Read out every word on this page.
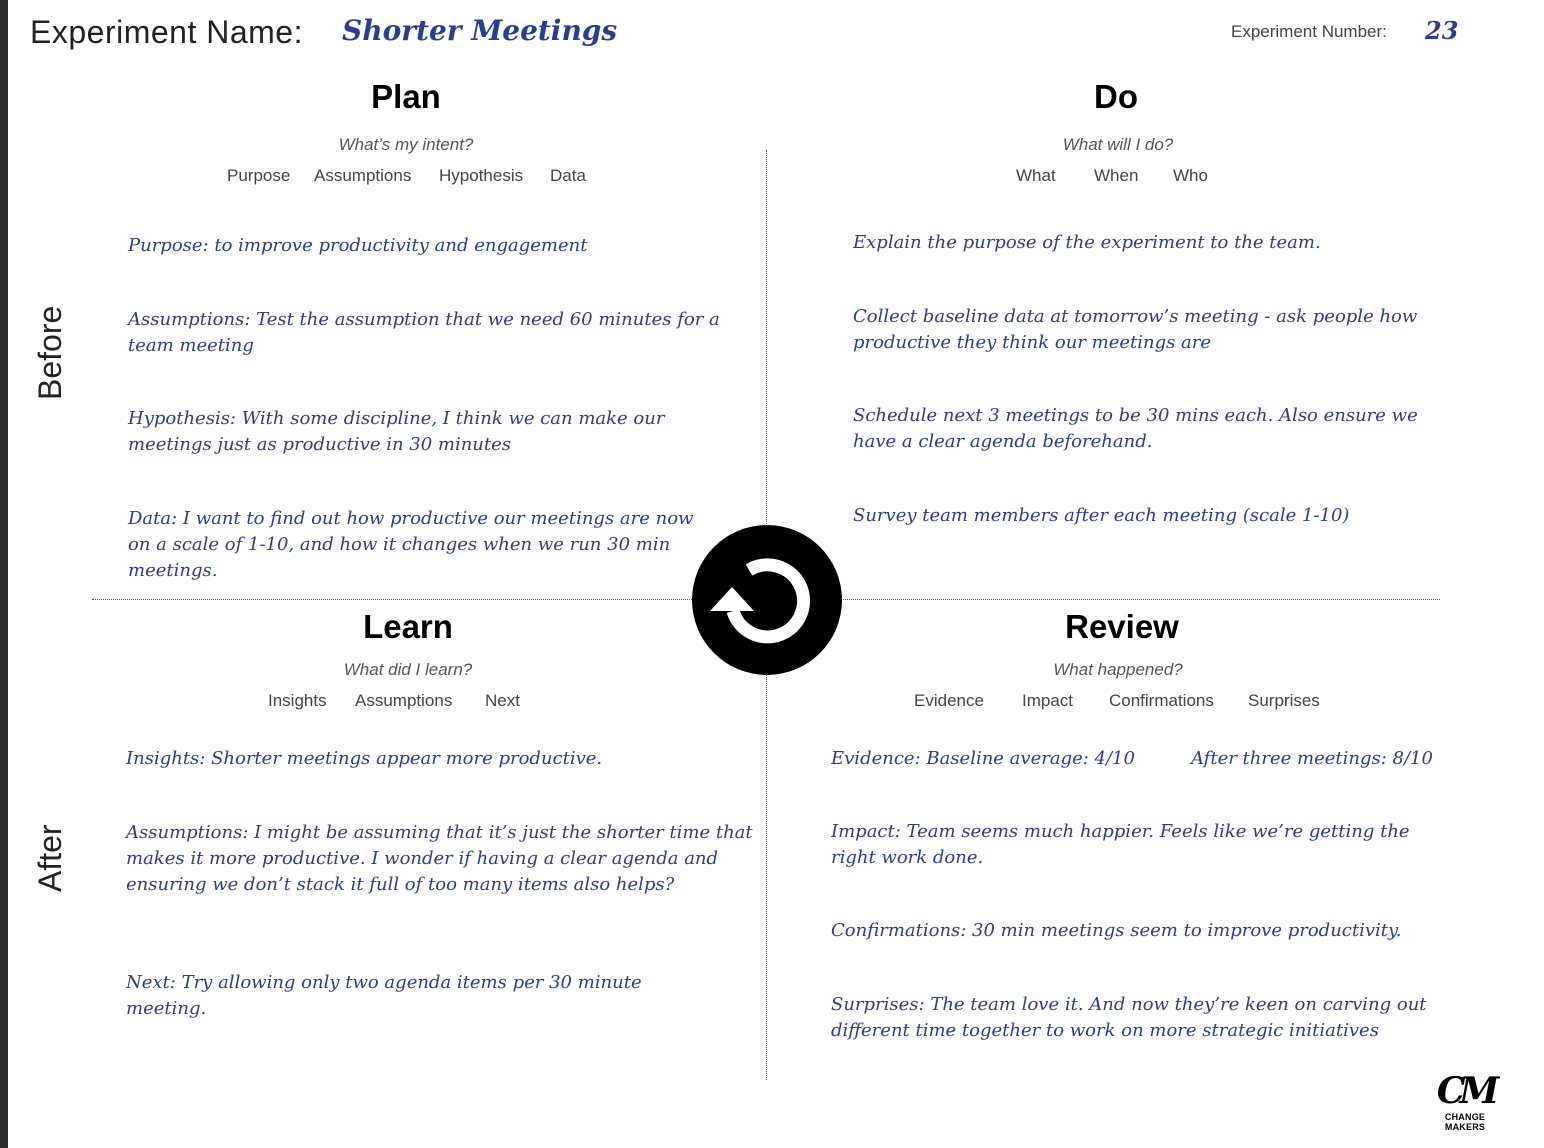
Experiment Name: Shorter Meetings	Experiment Number: 23
Before
After
Plan
What’s my intent?
Purpose	Assumptions	Hypothesis	Data
Purpose: to improve productivity and engagement
Assumptions: Test the assumption that we need 60 minutes for a team meeting
Hypothesis: With some discipline, I think we can make our meetings just as productive in 30 minutes
Data: I want to find out how productive our meetings are now on a scale of 1-10, and how it changes when we run 30 min meetings.
Do
What will I do?
What	When	Who
Explain the purpose of the experiment to the team.
Collect baseline data at tomorrow’s meeting - ask people how productive they think our meetings are
Schedule next 3 meetings to be 30 mins each. Also ensure we have a clear agenda beforehand.
Survey team members after each meeting (scale 1-10)
Learn
What did I learn?
Insights	Assumptions	Next
Insights: Shorter meetings appear more productive.
Assumptions: I might be assuming that it’s just the shorter time that makes it more productive. I wonder if having a clear agenda and ensuring we don’t stack it full of too many items also helps?
Next: Try allowing only two agenda items per 30 minute meeting.
Review
What happened?
Evidence	Impact	Confirmations	Surprises
Evidence: Baseline average: 4/10	After three meetings: 8/10
Impact: Team seems much happier. Feels like we’re getting the right work done.
Confirmations: 30 min meetings seem to improve productivity.
Surprises: The team love it. And now they’re keen on carving out different time together to work on more strategic initiatives
CM
CHANGE MAKERS
